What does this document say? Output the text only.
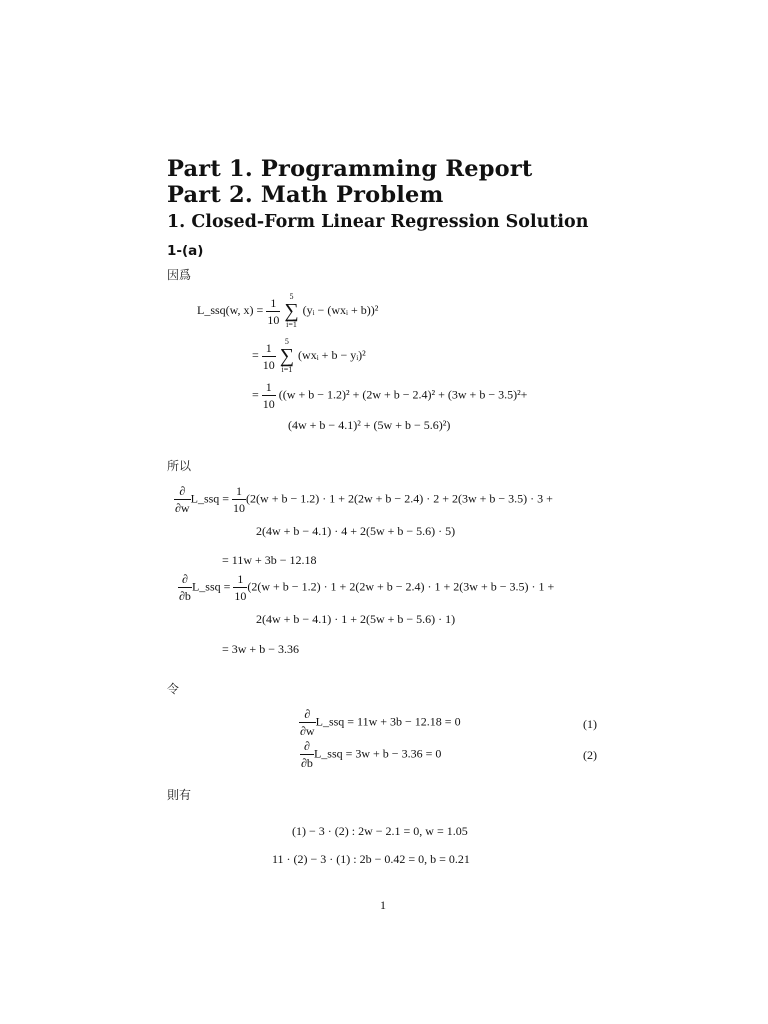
Part 1. Programming Report
Part 2. Math Problem
1. Closed-Form Linear Regression Solution
1-(a)
因爲
L_ssq(w, $x) = \frac{1}{10}$
	5
∑
i=1
(yᵢ − (wxᵢ + b))²
= $\frac{1}{10}$
	5
∑
i=1
(wxᵢ + b − yᵢ)²
= $\frac{1}{10} ((w + b - 1.2)^2 + (2w + b - 2.4)^2 + (3w + b - 3.5)^2+$
(4w + b − 4.1)² + (5w + b − 5.6)²)
所以
$\frac{\partial}{\partial w}$ L_ssq = $\frac{1}{10} (2(w + b - 1.2) \cdot 1 + 2(2w + b - 2.4) \cdot 2 + 2(3w + b - 3.5) \cdot 3$ +
2(4w + b − 4.1) · 4 + 2(5w + b − 5.6) · 5)
= 11w + 3b − 12.18
$\frac{\partial}{\partial b}$ L_ssq = $\frac{1}{10} (2(w + b - 1.2) \cdot 1 + 2(2w + b - 2.4) \cdot 1 + 2(3w + b - 3.5) \cdot 1$ +
2(4w + b − 4.1) · 1 + 2(5w + b − 5.6) · 1)
= 3w + b − 3.36
令
$\frac{\partial}{\partial w}$ L_ssq = 11w + 3b − 12.18 = 0	(1)
$\frac{\partial}{\partial b}$ L_ssq = 3w + b − 3.36 = 0	(2)
則有
(1) − 3 · (2) : 2w − 2.1 = 0, w = 1.05
11 · (2) − 3 · (1) : 2b − 0.42 = 0, b = 0.21
1
